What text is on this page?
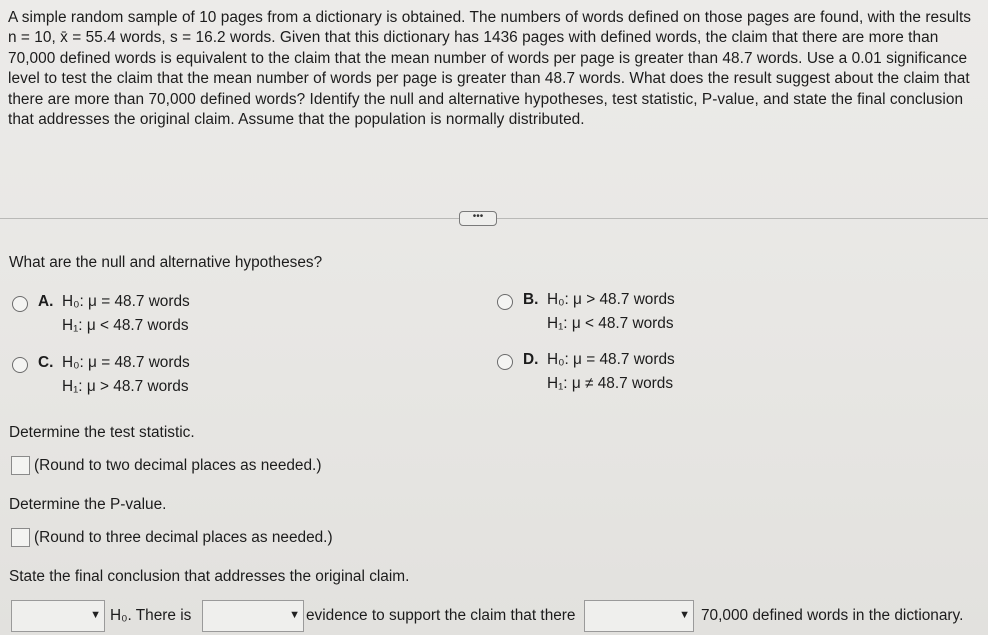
A simple random sample of 10 pages from a dictionary is obtained. The numbers of words defined on those pages are found, with the results n = 10, x̄ = 55.4 words, s = 16.2 words. Given that this dictionary has 1436 pages with defined words, the claim that there are more than 70,000 defined words is equivalent to the claim that the mean number of words per page is greater than 48.7 words. Use a 0.01 significance level to test the claim that the mean number of words per page is greater than 48.7 words. What does the result suggest about the claim that there are more than 70,000 defined words? Identify the null and alternative hypotheses, test statistic, P-value, and state the final conclusion that addresses the original claim. Assume that the population is normally distributed.
•••
What are the null and alternative hypotheses?
A. H₀: μ = 48.7 words
H₁: μ < 48.7 words
B. H₀: μ > 48.7 words
H₁: μ < 48.7 words
C. H₀: μ = 48.7 words
H₁: μ > 48.7 words
D. H₀: μ = 48.7 words
H₁: μ ≠ 48.7 words
Determine the test statistic.
(Round to two decimal places as needed.)
Determine the P-value.
(Round to three decimal places as needed.)
State the final conclusion that addresses the original claim.
▼ H₀. There is	▼ evidence to support the claim that there	▼ 70,000 defined words in the dictionary.
